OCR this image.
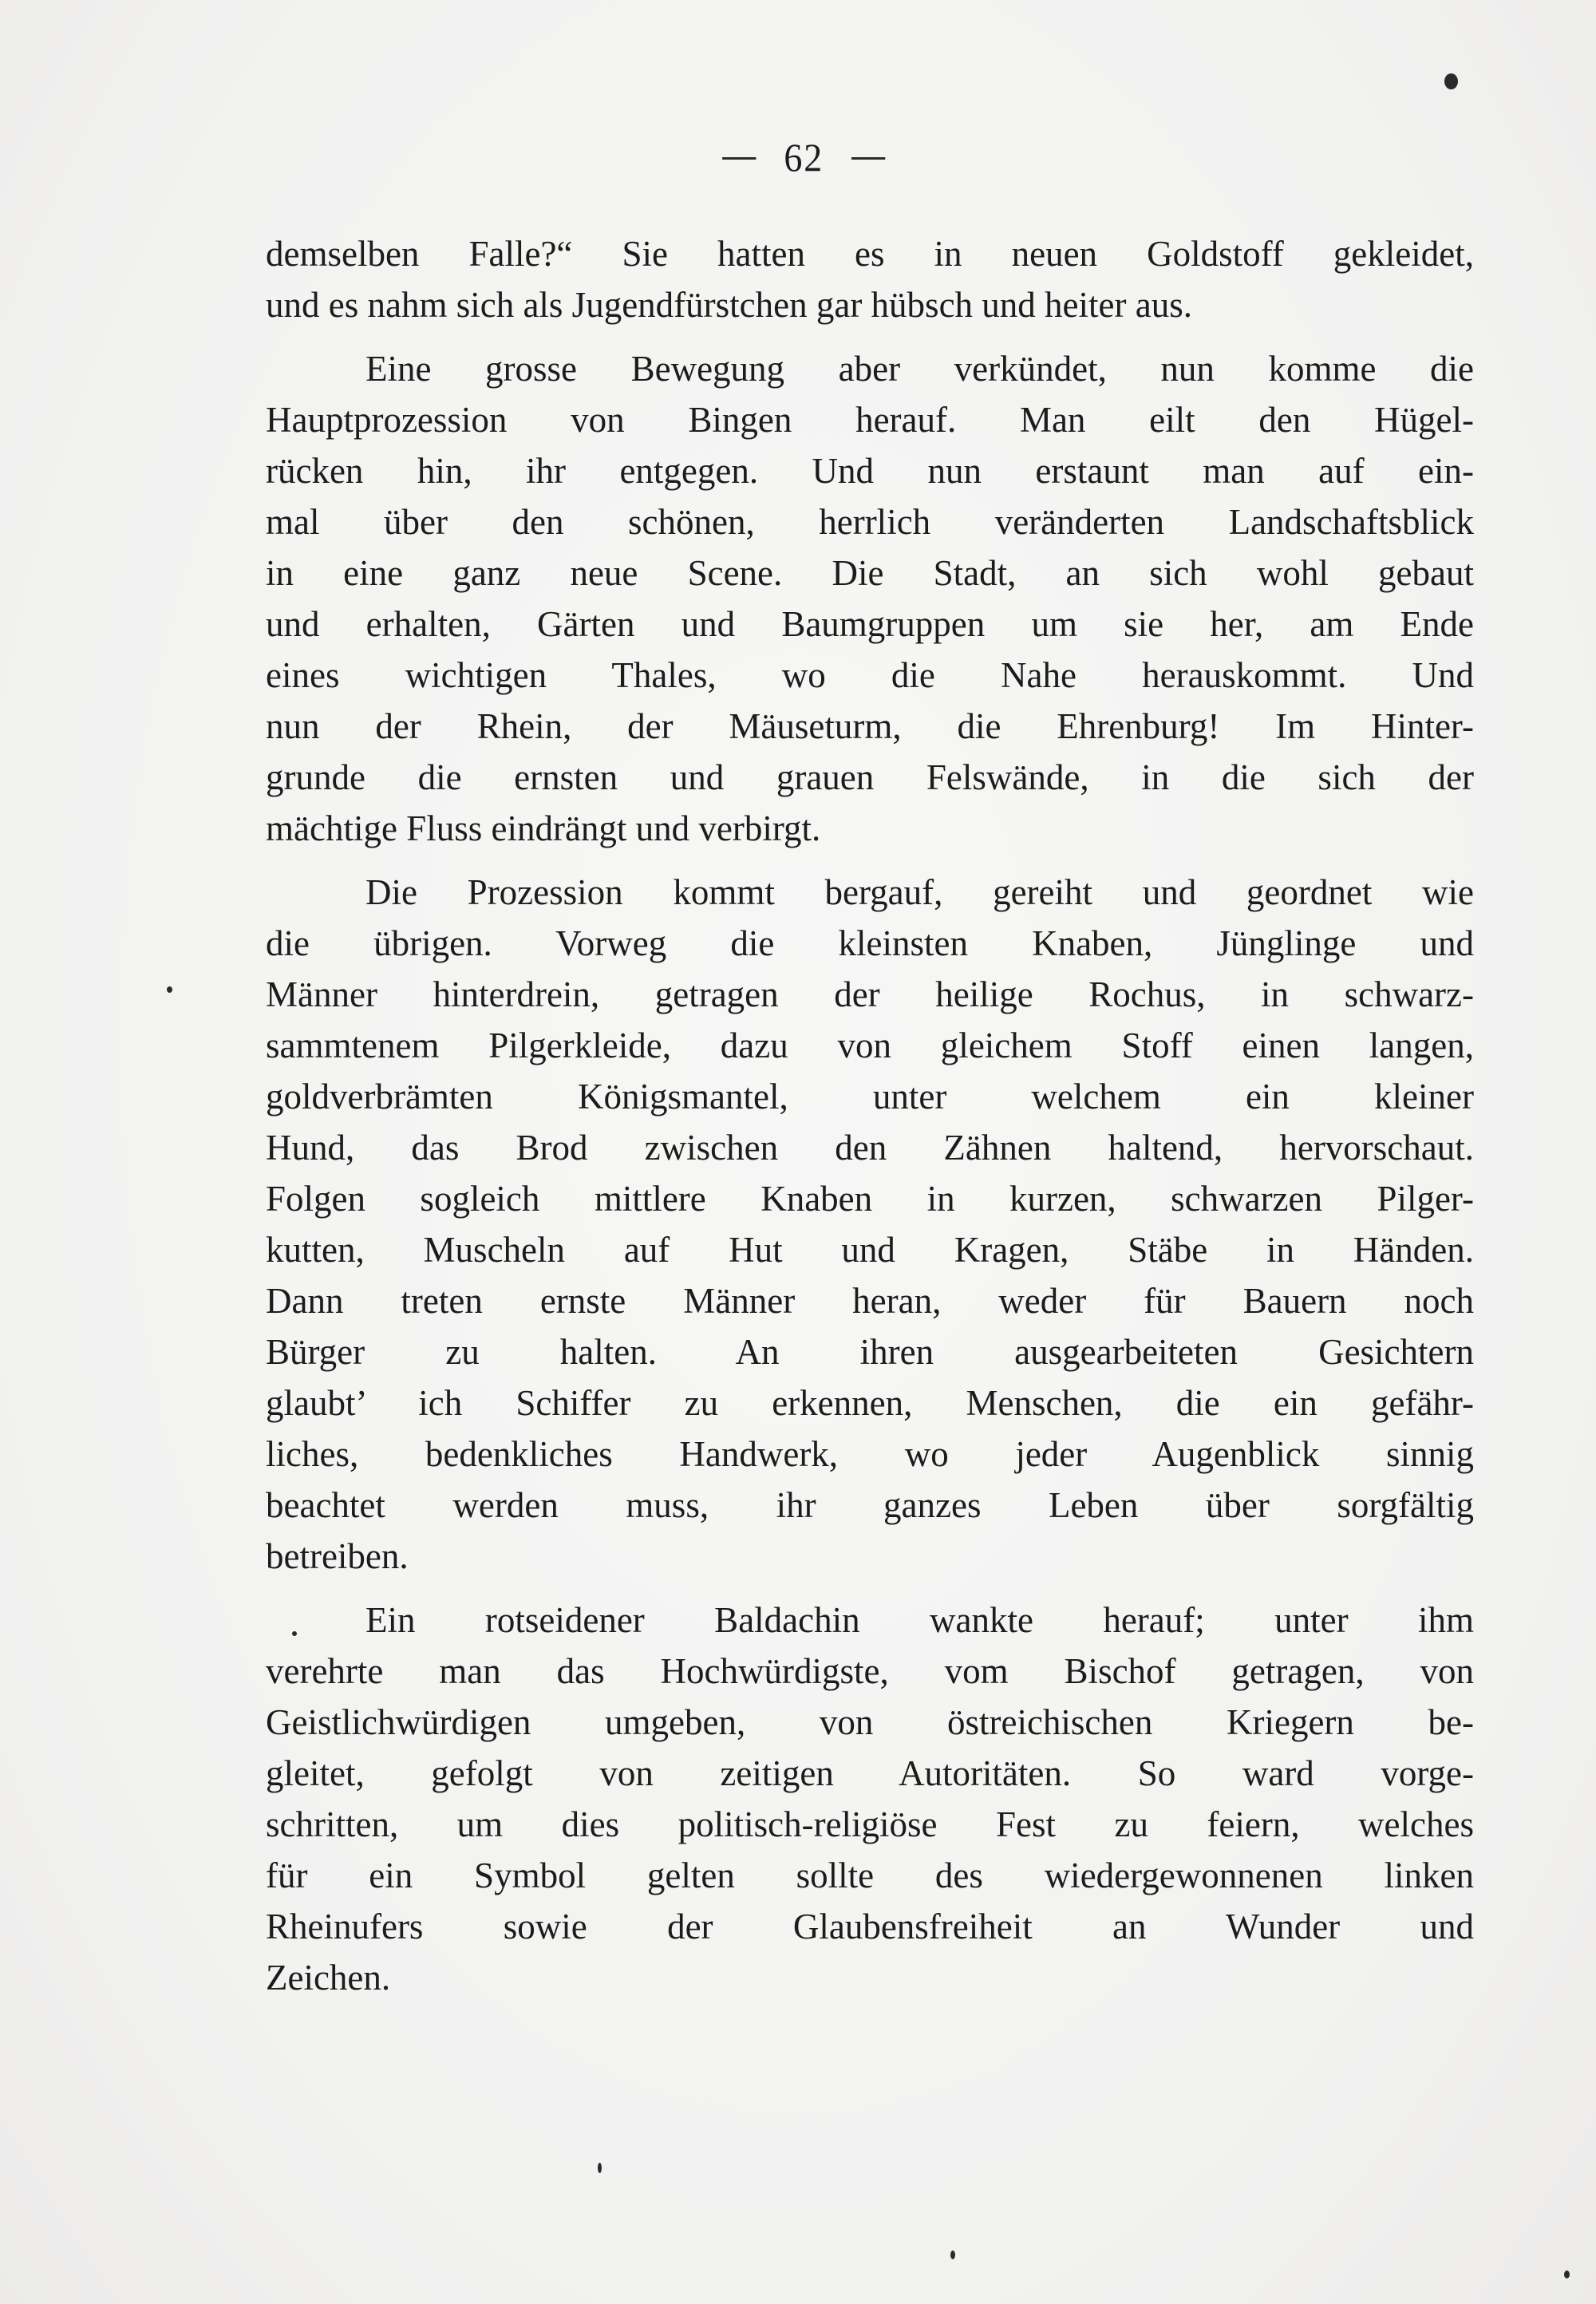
62
demselben Falle?“ Sie hatten es in neuen Goldstoff gekleidet,
und es nahm sich als Jugendfürstchen gar hübsch und heiter aus.
Eine grosse Bewegung aber verkündet, nun komme die
Hauptprozession von Bingen herauf. Man eilt den Hügel-
rücken hin, ihr entgegen. Und nun erstaunt man auf ein-
mal über den schönen, herrlich veränderten Landschaftsblick
in eine ganz neue Scene. Die Stadt, an sich wohl gebaut
und erhalten, Gärten und Baumgruppen um sie her, am Ende
eines wichtigen Thales, wo die Nahe herauskommt. Und
nun der Rhein, der Mäuseturm, die Ehrenburg! Im Hinter-
grunde die ernsten und grauen Felswände, in die sich der
mächtige Fluss eindrängt und verbirgt.
Die Prozession kommt bergauf, gereiht und geordnet wie
die übrigen. Vorweg die kleinsten Knaben, Jünglinge und
Männer hinterdrein, getragen der heilige Rochus, in schwarz-
sammtenem Pilgerkleide, dazu von gleichem Stoff einen langen,
goldverbrämten Königsmantel, unter welchem ein kleiner
Hund, das Brod zwischen den Zähnen haltend, hervorschaut.
Folgen sogleich mittlere Knaben in kurzen, schwarzen Pilger-
kutten, Muscheln auf Hut und Kragen, Stäbe in Händen.
Dann treten ernste Männer heran, weder für Bauern noch
Bürger zu halten. An ihren ausgearbeiteten Gesichtern
glaubt’ ich Schiffer zu erkennen, Menschen, die ein gefähr-
liches, bedenkliches Handwerk, wo jeder Augenblick sinnig
beachtet werden muss, ihr ganzes Leben über sorgfältig
betreiben.
Ein rotseidener Baldachin wankte herauf; unter ihm
verehrte man das Hochwürdigste, vom Bischof getragen, von
Geistlichwürdigen umgeben, von östreichischen Kriegern be-
gleitet, gefolgt von zeitigen Autoritäten. So ward vorge-
schritten, um dies politisch-religiöse Fest zu feiern, welches
für ein Symbol gelten sollte des wiedergewonnenen linken
Rheinufers sowie der Glaubensfreiheit an Wunder und
Zeichen.
